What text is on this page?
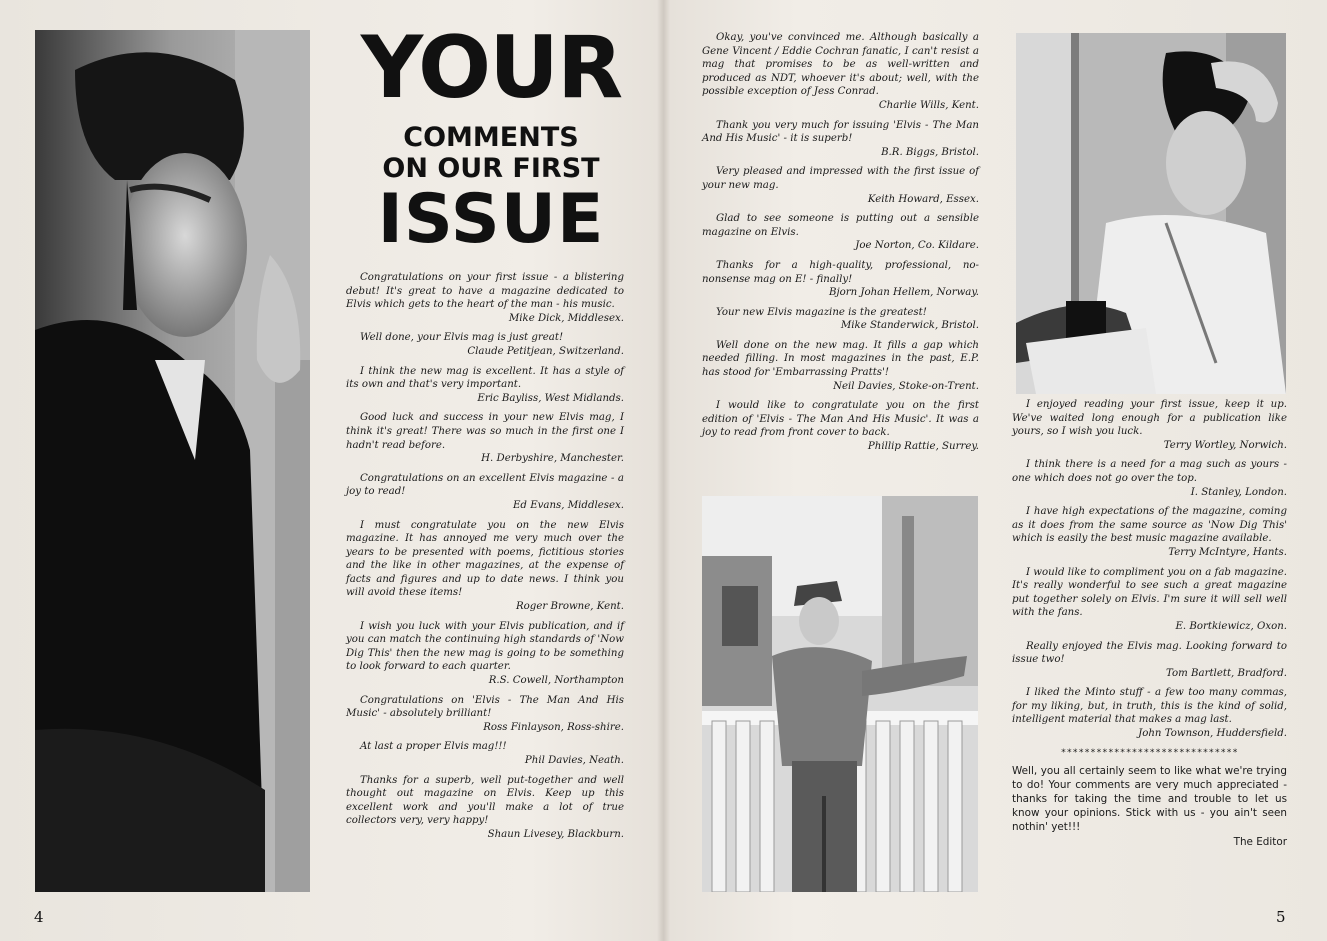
YOUR
COMMENTS
ON OUR FIRST
ISSUE

Congratulations on your first issue - a blistering debut! It's great to have a magazine dedicated to Elvis which gets to the heart of the man - his music.

Mike Dick, Middlesex.

Well done, your Elvis mag is just great!

Claude Petitjean, Switzerland.

I think the new mag is excellent. It has a style of its own and that's very important.

Eric Bayliss, West Midlands.

Good luck and success in your new Elvis mag, I think it's great! There was so much in the first one I hadn't read before.

H. Derbyshire, Manchester.

Congratulations on an excellent Elvis magazine - a joy to read!

Ed Evans, Middlesex.

I must congratulate you on the new Elvis magazine. It has annoyed me very much over the years to be presented with poems, fictitious stories and the like in other magazines, at the expense of facts and figures and up to date news. I think you will avoid these items!

Roger Browne, Kent.

I wish you luck with your Elvis publication, and if you can match the continuing high standards of 'Now Dig This' then the new mag is going to be something to look forward to each quarter.

R.S. Cowell, Northampton

Congratulations on 'Elvis - The Man And His Music' - absolutely brilliant!

Ross Finlayson, Ross-shire.

At last a proper Elvis mag!!!

Phil Davies, Neath.

Thanks for a superb, well put-together and well thought out magazine on Elvis. Keep up this excellent work and you'll make a lot of true collectors very, very happy!

Shaun Livesey, Blackburn.

4

Okay, you've convinced me. Although basically a Gene Vincent / Eddie Cochran fanatic, I can't resist a mag that promises to be as well-written and produced as NDT, whoever it's about; well, with the possible exception of Jess Conrad.

Charlie Wills, Kent.

Thank you very much for issuing 'Elvis - The Man And His Music' - it is superb!

B.R. Biggs, Bristol.

Very pleased and impressed with the first issue of your new mag.

Keith Howard, Essex.

Glad to see someone is putting out a sensible magazine on Elvis.

Joe Norton, Co. Kildare.

Thanks for a high-quality, professional, no-nonsense mag on E! - finally!

Bjorn Johan Hellem, Norway.

Your new Elvis magazine is the greatest!

Mike Standerwick, Bristol.

Well done on the new mag. It fills a gap which needed filling. In most magazines in the past, E.P. has stood for 'Embarrassing Pratts'!

Neil Davies, Stoke-on-Trent.

I would like to congratulate you on the first edition of 'Elvis - The Man And His Music'. It was a joy to read from front cover to back.

Phillip Rattie, Surrey.

I enjoyed reading your first issue, keep it up. We've waited long enough for a publication like yours, so I wish you luck.

Terry Wortley, Norwich.

I think there is a need for a mag such as yours - one which does not go over the top.

I. Stanley, London.

I have high expectations of the magazine, coming as it does from the same source as 'Now Dig This' which is easily the best music magazine available.

Terry McIntyre, Hants.

I would like to compliment you on a fab magazine. It's really wonderful to see such a great magazine put together solely on Elvis. I'm sure it will sell well with the fans.

E. Bortkiewicz, Oxon.

Really enjoyed the Elvis mag. Looking forward to issue two!

Tom Bartlett, Bradford.

I liked the Minto stuff - a few too many commas, for my liking, but, in truth, this is the kind of solid, intelligent material that makes a mag last.

John Townson, Huddersfield.

******************************

Well, you all certainly seem to like what we're trying to do! Your comments are very much appreciated - thanks for taking the time and trouble to let us know your opinions. Stick with us - you ain't seen nothin' yet!!!

The Editor

5
